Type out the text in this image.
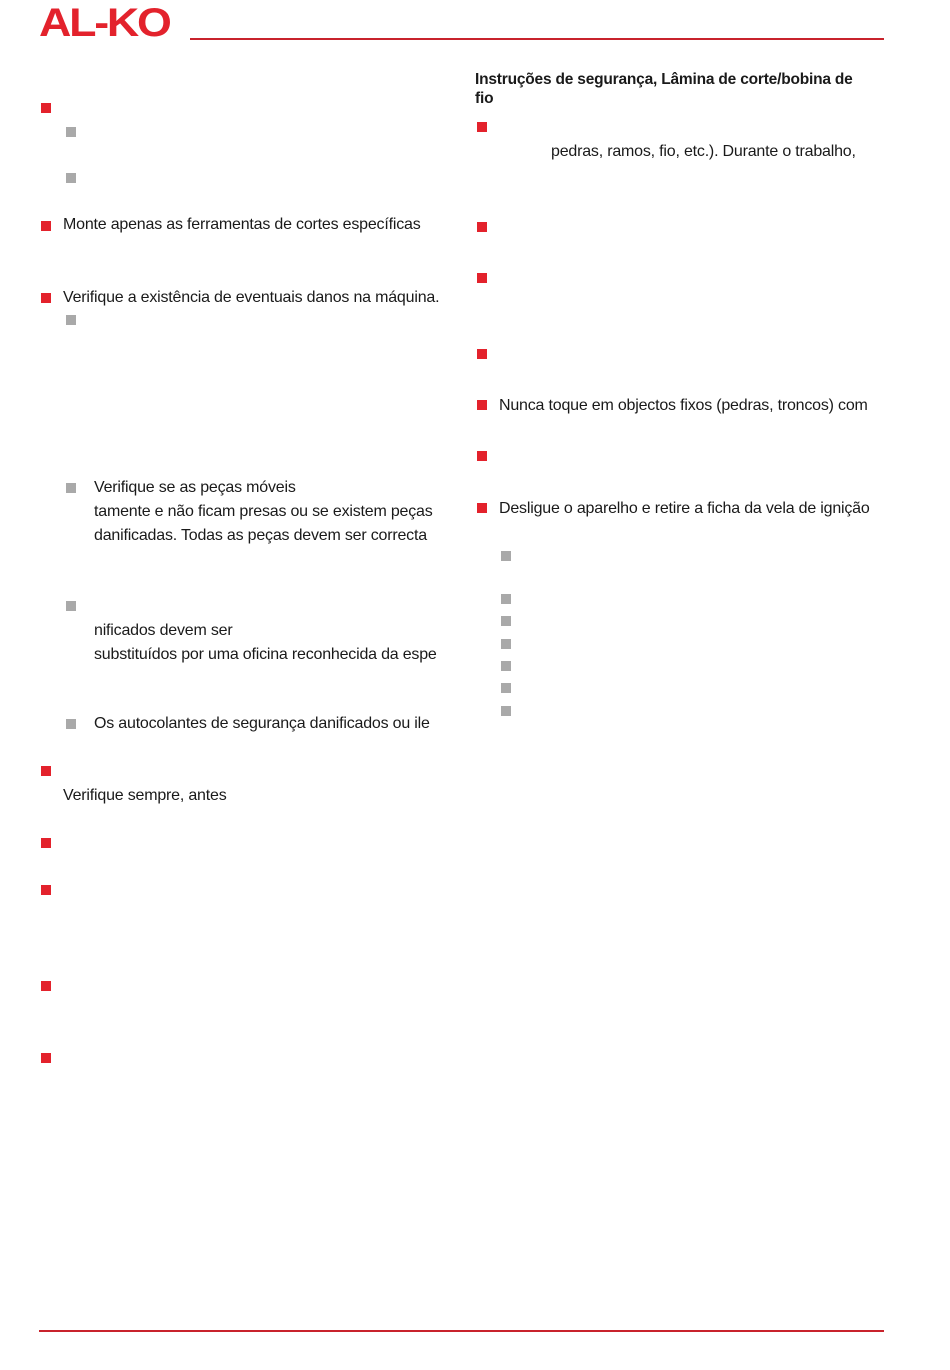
AL-KO
Monte apenas as ferramentas de cortes específicas
Verifique a existência de eventuais danos na máquina.
Verifique se as peças móveis
tamente e não ficam presas ou se existem peças
danificadas. Todas as peças devem ser correcta
nificados devem ser
substituídos por uma oficina reconhecida da espe
Os autocolantes de segurança danificados ou ile
Verifique sempre, antes
Instruções de segurança, Lâmina de corte/bobina de fio
pedras, ramos, fio, etc.). Durante o trabalho,
Nunca toque em objectos fixos (pedras, troncos) com
Desligue o aparelho e retire a ficha da vela de ignição
